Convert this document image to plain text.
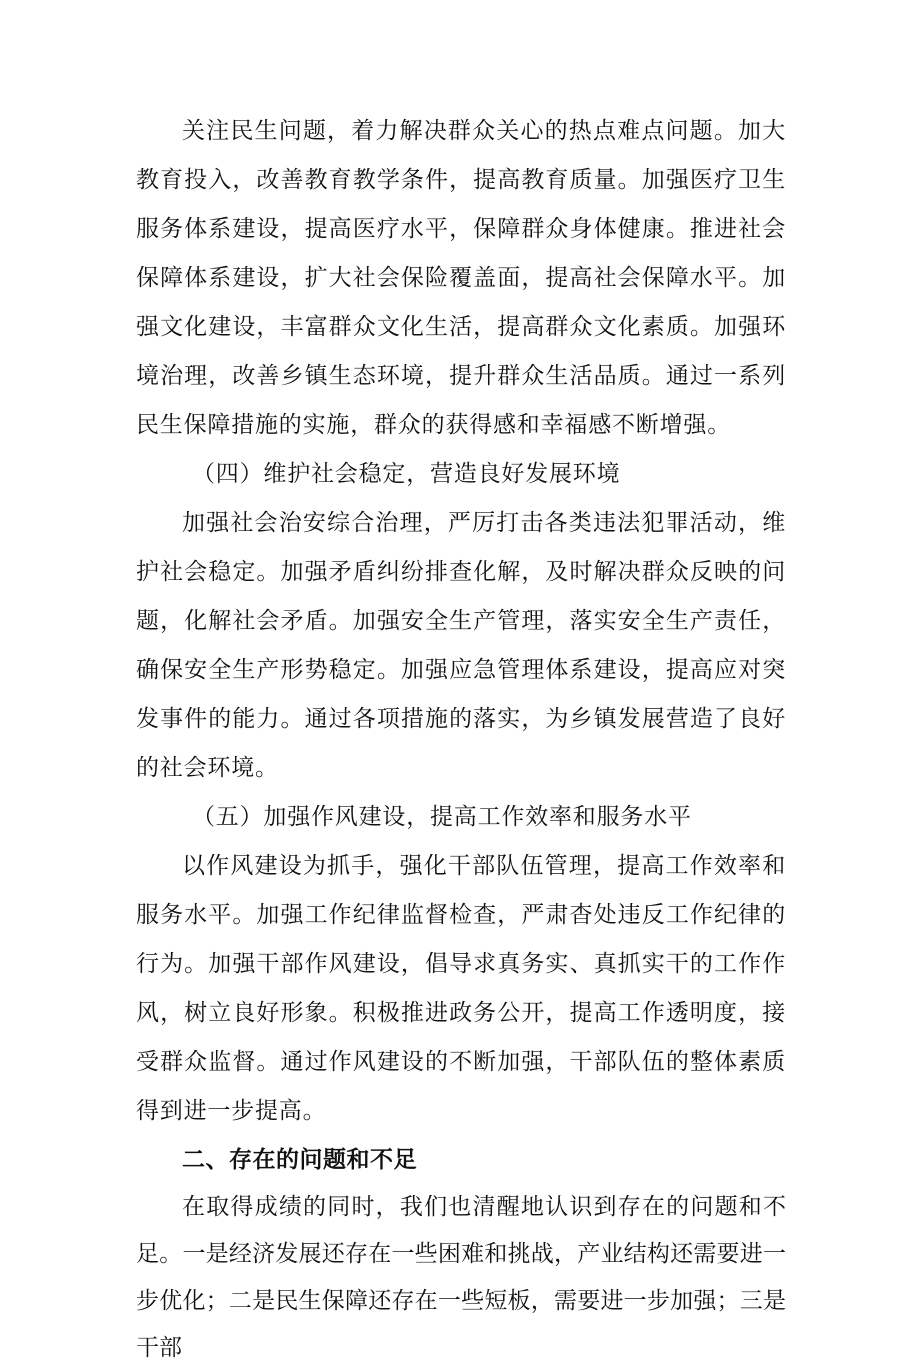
关注民生问题，着力解决群众关心的热点难点问题。加大教育投入，改善教育教学条件，提高教育质量。加强医疗卫生服务体系建设，提高医疗水平，保障群众身体健康。推进社会保障体系建设，扩大社会保险覆盖面，提高社会保障水平。加强文化建设，丰富群众文化生活，提高群众文化素质。加强环境治理，改善乡镇生态环境，提升群众生活品质。通过一系列民生保障措施的实施，群众的获得感和幸福感不断增强。

（四）维护社会稳定，营造良好发展环境

加强社会治安综合治理，严厉打击各类违法犯罪活动，维护社会稳定。加强矛盾纠纷排查化解，及时解决群众反映的问题，化解社会矛盾。加强安全生产管理，落实安全生产责任，确保安全生产形势稳定。加强应急管理体系建设，提高应对突发事件的能力。通过各项措施的落实，为乡镇发展营造了良好的社会环境。

（五）加强作风建设，提高工作效率和服务水平

以作风建设为抓手，强化干部队伍管理，提高工作效率和服务水平。加强工作纪律监督检查，严肃杳处违反工作纪律的行为。加强干部作风建设，倡导求真务实、真抓实干的工作作风，树立良好形象。积极推进政务公开，提高工作透明度，接受群众监督。通过作风建设的不断加强，干部队伍的整体素质得到进一步提高。

二、存在的问题和不足

在取得成绩的同时，我们也清醒地认识到存在的问题和不足。一是经济发展还存在一些困难和挑战，产业结构还需要进一步优化；二是民生保障还存在一些短板，需要进一步加强；三是干部
